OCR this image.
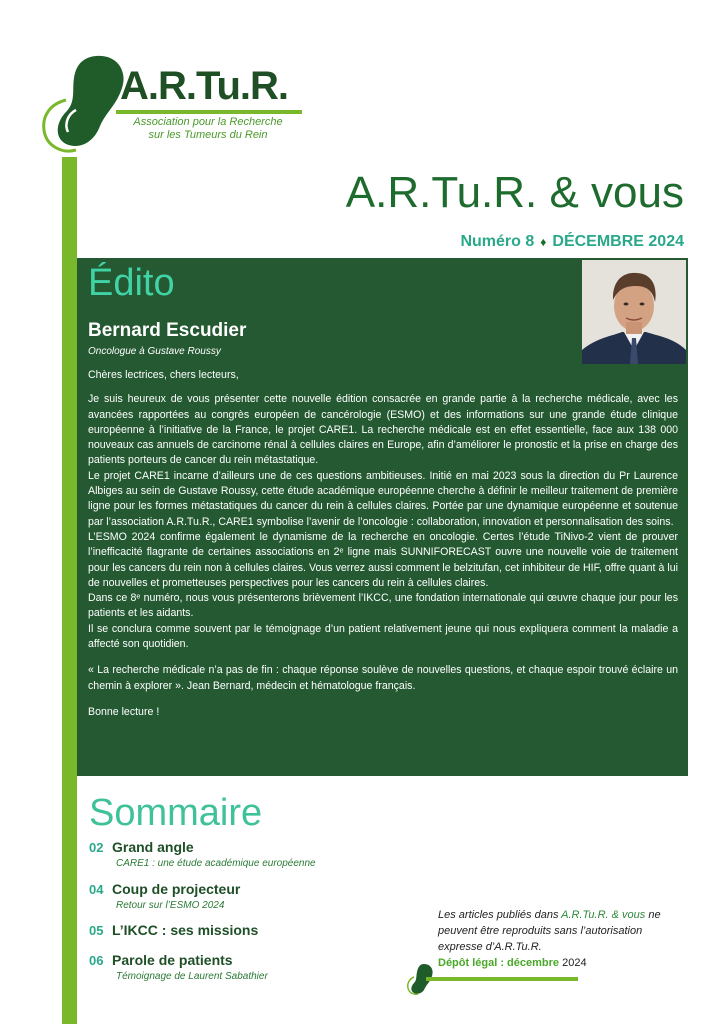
A.R.Tu.R.
Association pour la Recherche
sur les Tumeurs du Rein
A.R.Tu.R. & vous
Numéro 8 ♦ DÉCEMBRE 2024
Édito
Bernard Escudier
Oncologue à Gustave Roussy

Chères lectrices, chers lecteurs,

Je suis heureux de vous présenter cette nouvelle édition consacrée en grande partie à la recherche médicale, avec les avancées rapportées au congrès européen de cancérologie (ESMO) et des informations sur une grande étude clinique européenne à l’initiative de la France, le projet CARE1. La recherche médicale est en effet essentielle, face aux 138 000 nouveaux cas annuels de carcinome rénal à cellules claires en Europe, afin d’améliorer le pronostic et la prise en charge des patients porteurs de cancer du rein métastatique.

Le projet CARE1 incarne d’ailleurs une de ces questions ambitieuses. Initié en mai 2023 sous la direction du Pr Laurence Albiges au sein de Gustave Roussy, cette étude académique européenne cherche à définir le meilleur traitement de première ligne pour les formes métastatiques du cancer du rein à cellules claires. Portée par une dynamique européenne et soutenue par l’association A.R.Tu.R., CARE1 symbolise l’avenir de l’oncologie : collaboration, innovation et personnalisation des soins.

L’ESMO 2024 confirme également le dynamisme de la recherche en oncologie. Certes l’étude TiNivo-2 vient de prouver l’inefficacité flagrante de certaines associations en 2ᵉ ligne mais SUNNIFORECAST ouvre une nouvelle voie de traitement pour les cancers du rein non à cellules claires. Vous verrez aussi comment le belzitufan, cet inhibiteur de HIF, offre quant à lui de nouvelles et prometteuses perspectives pour les cancers du rein à cellules claires.

Dans ce 8ᵉ numéro, nous vous présenterons brièvement l’IKCC, une fondation internationale qui œuvre chaque jour pour les patients et les aidants.

Il se conclura comme souvent par le témoignage d’un patient relativement jeune qui nous expliquera comment la maladie a affecté son quotidien.

« La recherche médicale n’a pas de fin : chaque réponse soulève de nouvelles questions, et chaque espoir trouvé éclaire un chemin à explorer ». Jean Bernard, médecin et hématologue français.

Bonne lecture !

Sommaire
02 Grand angle
CARE1 : une étude académique européenne
04 Coup de projecteur
Retour sur l’ESMO 2024
05 L’IKCC : ses missions
06 Parole de patients
Témoignage de Laurent Sabathier
Les articles publiés dans A.R.Tu.R. & vous ne peuvent être reproduits sans l’autorisation expresse d’A.R.Tu.R.
Dépôt légal : décembre 2024
